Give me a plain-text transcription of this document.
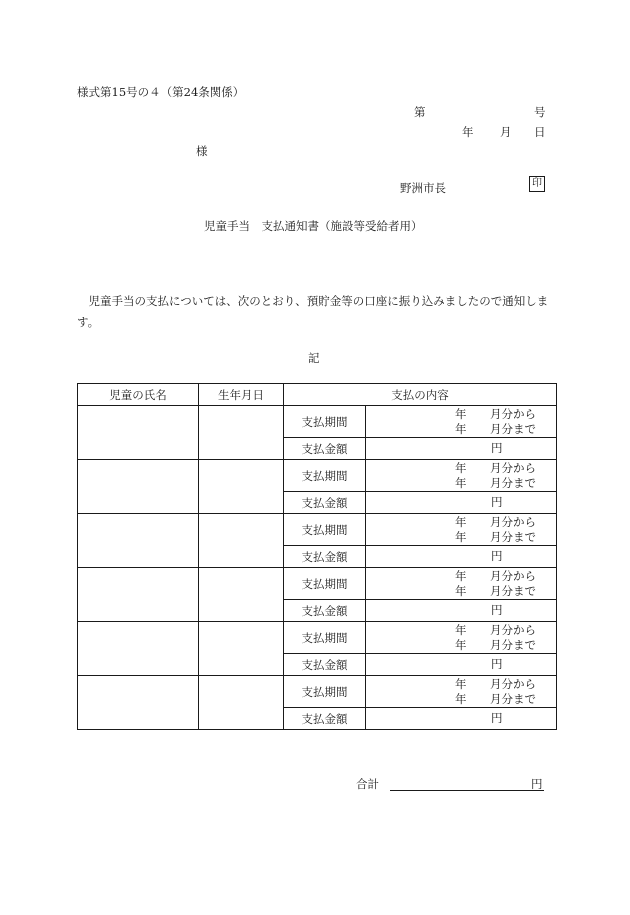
様式第15号の４（第24条関係）
第	号
年 月 日
様
野洲市長	印
児童手当　支払通知書（施設等受給者用）
児童手当の支払については、次のとおり、預貯金等の口座に振り込みましたので通知します。
記
児童の氏名	生年月日	支払の内容	
		支払期間	年 月分から
年 月分まで

		支払金額	円

		支払期間	年 月分から
年 月分まで

		支払金額	円

		支払期間	年 月分から
年 月分まで

		支払金額	円

		支払期間	年 月分から
年 月分まで

		支払金額	円

		支払期間	年 月分から
年 月分まで

		支払金額	円

		支払期間	年 月分から
年 月分まで

		支払金額	円
合計	円
